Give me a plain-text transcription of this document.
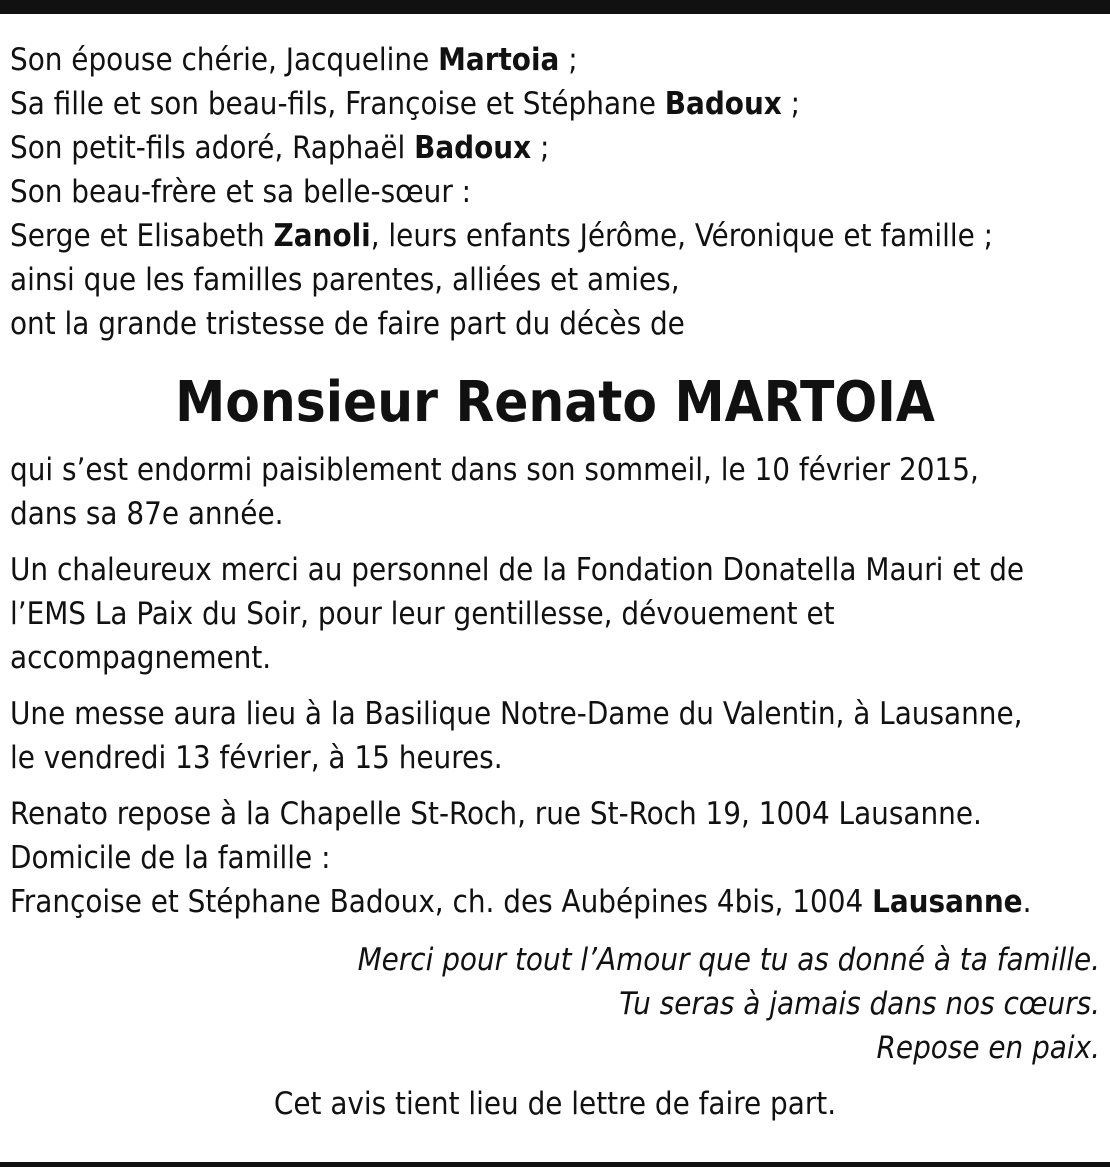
Son épouse chérie, Jacqueline Martoia ;
Sa fille et son beau-fils, Françoise et Stéphane Badoux ;
Son petit-fils adoré, Raphaël Badoux ;
Son beau-frère et sa belle-sœur :
Serge et Elisabeth Zanoli, leurs enfants Jérôme, Véronique et famille ;
ainsi que les familles parentes, alliées et amies,
ont la grande tristesse de faire part du décès de
Monsieur Renato MARTOIA
qui s’est endormi paisiblement dans son sommeil, le 10 février 2015,
dans sa 87e année.
Un chaleureux merci au personnel de la Fondation Donatella Mauri et de
l’EMS La Paix du Soir, pour leur gentillesse, dévouement et
accompagnement.
Une messe aura lieu à la Basilique Notre-Dame du Valentin, à Lausanne,
le vendredi 13 février, à 15 heures.
Renato repose à la Chapelle St-Roch, rue St-Roch 19, 1004 Lausanne.
Domicile de la famille :
Françoise et Stéphane Badoux, ch. des Aubépines 4bis, 1004 Lausanne.
Merci pour tout l’Amour que tu as donné à ta famille.
Tu seras à jamais dans nos cœurs.
Repose en paix.
Cet avis tient lieu de lettre de faire part.
